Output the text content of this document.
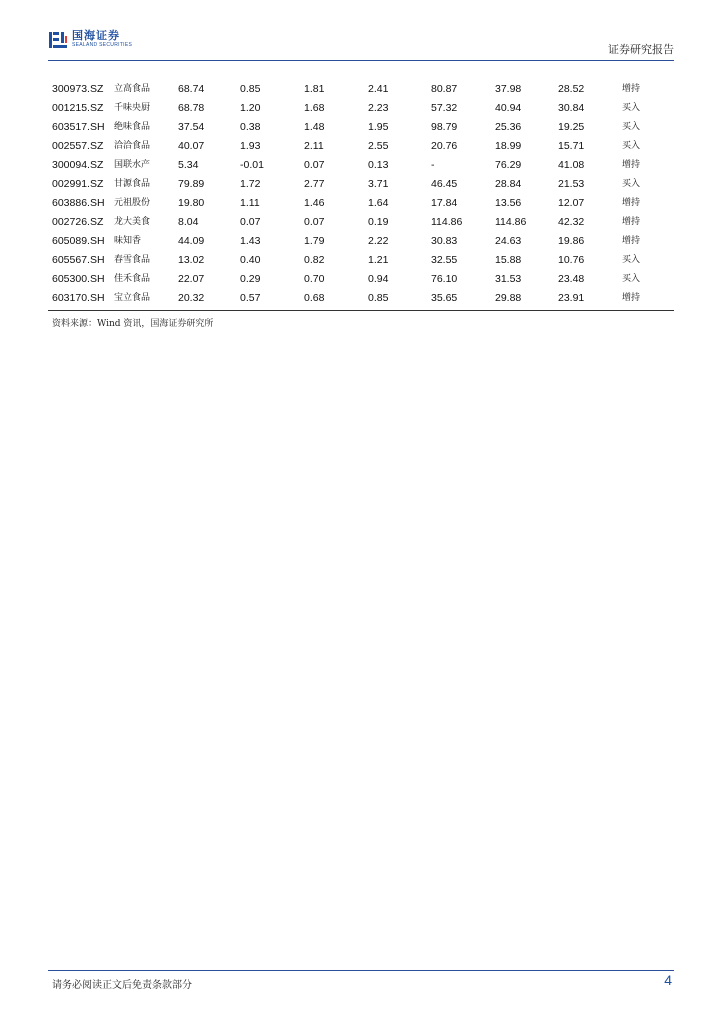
国海证券
SEALAND SECURITIES	证券研究报告
300973.SZ 立高食品	68.74	0.85	1.81	2.41	80.87	37.98	28.52	增持
001215.SZ 千味央厨	68.78	1.20	1.68	2.23	57.32	40.94	30.84	买入
603517.SH 绝味食品	37.54	0.38	1.48	1.95	98.79	25.36	19.25	买入
002557.SZ 洽洽食品	40.07	1.93	2.11	2.55	20.76	18.99	15.71	买入
300094.SZ 国联水产	5.34	-0.01	0.07	0.13	-	76.29	41.08	增持
002991.SZ 甘源食品	79.89	1.72	2.77	3.71	46.45	28.84	21.53	买入
603886.SH 元祖股份	19.80	1.11	1.46	1.64	17.84	13.56	12.07	增持
002726.SZ 龙大美食	8.04	0.07	0.07	0.19	114.86	114.86	42.32	增持
605089.SH 味知香	44.09	1.43	1.79	2.22	30.83	24.63	19.86	增持
605567.SH 春雪食品	13.02	0.40	0.82	1.21	32.55	15.88	10.76	买入
605300.SH 佳禾食品	22.07	0.29	0.70	0.94	76.10	31.53	23.48	买入
603170.SH 宝立食品	20.32	0.57	0.68	0.85	35.65	29.88	23.91	增持
资料来源：Wind 资讯，国海证券研究所
请务必阅读正文后免责条款部分	4
